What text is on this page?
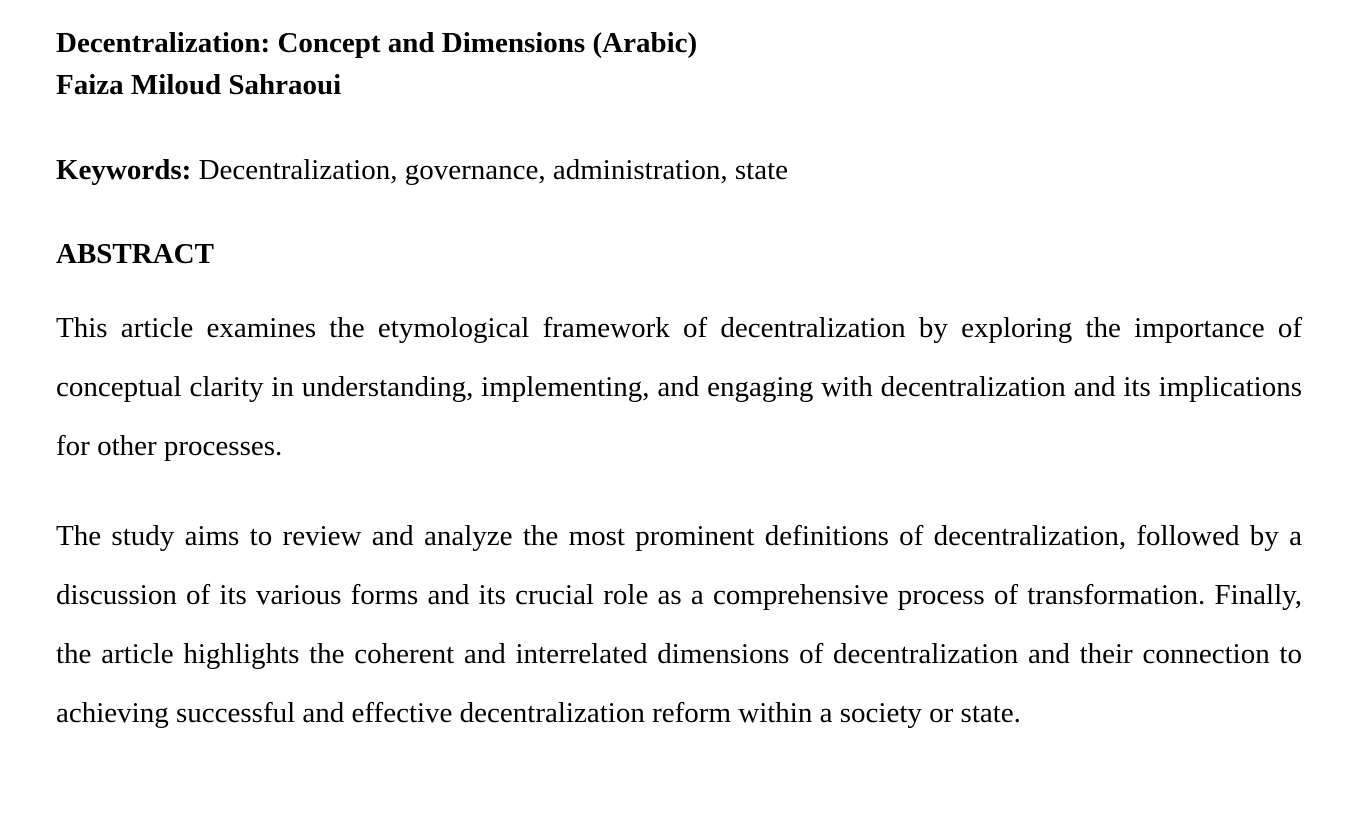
Decentralization: Concept and Dimensions (Arabic)
Faiza Miloud Sahraoui
Keywords: Decentralization, governance, administration, state
ABSTRACT

This article examines the etymological framework of decentralization by exploring the importance of conceptual clarity in understanding, implementing, and engaging with decentralization and its implications for other processes.

The study aims to review and analyze the most prominent definitions of decentralization, followed by a discussion of its various forms and its crucial role as a comprehensive process of transformation. Finally, the article highlights the coherent and interrelated dimensions of decentralization and their connection to achieving successful and effective decentralization reform within a society or state.
